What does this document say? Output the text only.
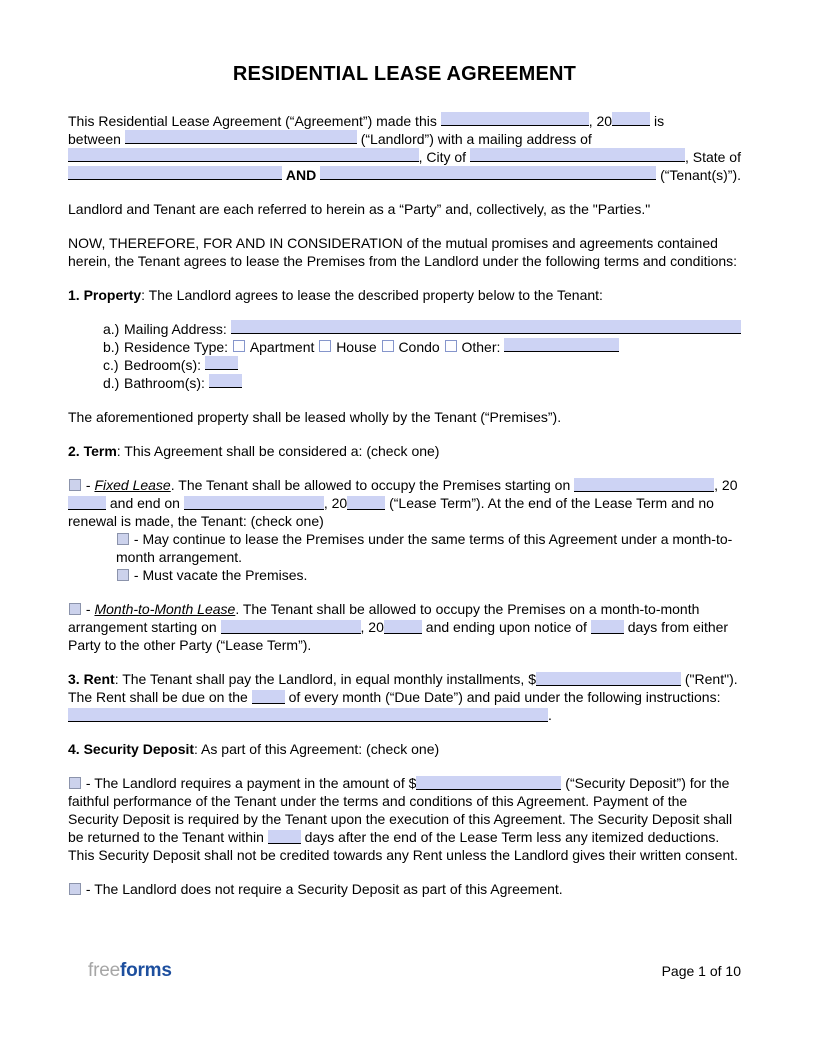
RESIDENTIAL LEASE AGREEMENT
This Residential Lease Agreement (“Agreement”) made this	, 20	is
between	(“Landlord”) with a mailing address of
, City of	, State of

AND
	(“Tenant(s)”).
Landlord and Tenant are each referred to herein as a “Party” and, collectively, as the "Parties."
NOW, THEREFORE, FOR AND IN CONSIDERATION of the mutual promises and agreements contained herein, the Tenant agrees to lease the Premises from the Landlord under the following terms and conditions:
1. Property: The Landlord agrees to lease the described property below to the Tenant:
a.) Mailing Address:
b.) Residence Type: Apartment House Condo Other:
c.) Bedroom(s):
d.) Bathroom(s):
The aforementioned property shall be leased wholly by the Tenant (“Premises”).
2. Term: This Agreement shall be considered a: (check one)
- Fixed Lease. The Tenant shall be allowed to occupy the Premises starting on	, 20 and end on	, 20	(“Lease Term”). At the end of the Lease Term and no renewal is made, the Tenant: (check one)
- May continue to lease the Premises under the same terms of this Agreement under a month-to-month arrangement.
- Must vacate the Premises.
- Month-to-Month Lease. The Tenant shall be allowed to occupy the Premises on a month-to-month arrangement starting on	, 20	and ending upon notice of  days from either Party to the other Party (“Lease Term”).
3. Rent: The Tenant shall pay the Landlord, in equal monthly installments, $	("Rent"). The Rent shall be due on the  of every month (“Due Date”) and paid under the following instructions: .
4. Security Deposit: As part of this Agreement: (check one)
- The Landlord requires a payment in the amount of $	(“Security Deposit”) for the faithful performance of the Tenant under the terms and conditions of this Agreement. Payment of the Security Deposit is required by the Tenant upon the execution of this Agreement. The Security Deposit shall be returned to the Tenant within  days after the end of the Lease Term less any itemized deductions. This Security Deposit shall not be credited towards any Rent unless the Landlord gives their written consent.
- The Landlord does not require a Security Deposit as part of this Agreement.
freeforms	Page 1 of 10
